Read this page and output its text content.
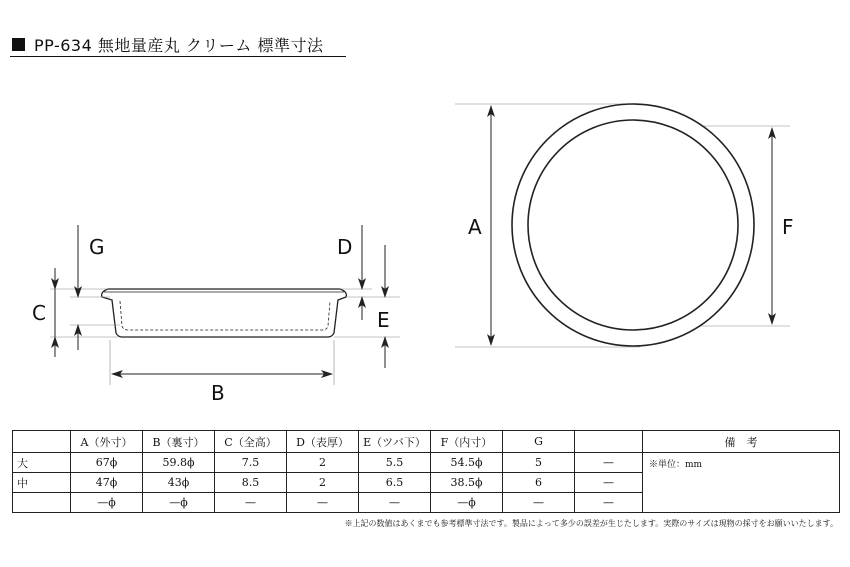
PP-634 無地量産丸 クリーム 標準寸法
G
C
B
D
E
A	F
	A（外寸）	B（裏寸）	C（全高）	D（表厚）	E（ツバ下）	F（内寸）	G		備　考
大	67ϕ	59.8ϕ	7.5	2	5.5	54.5ϕ	5	—	※単位：mm
中	47ϕ	43ϕ	8.5	2	6.5	38.5ϕ	6	—	
	—ϕ	—ϕ	—	—	—	—ϕ	—	—	
※上記の数値はあくまでも参考標準寸法です。製品によって多少の誤差が生じたします。実際のサイズは現物の採寸をお願いいたします。
